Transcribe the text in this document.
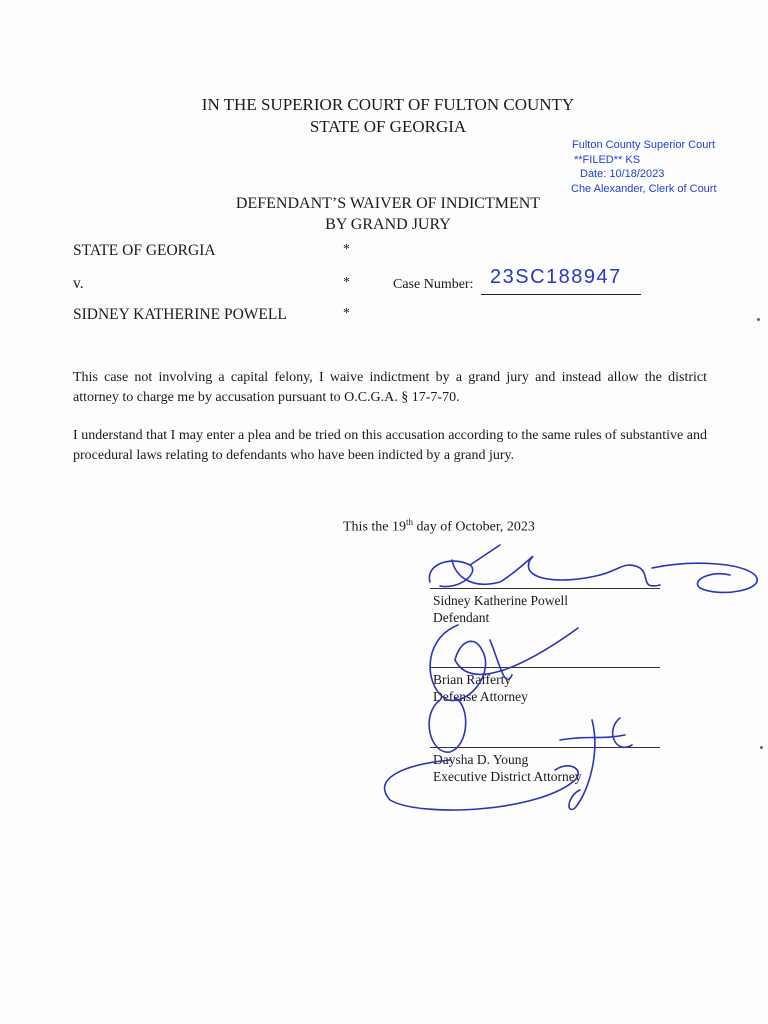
IN THE SUPERIOR COURT OF FULTON COUNTY
STATE OF GEORGIA
Fulton County Superior Court
**FILED** KS
Date: 10/18/2023
Che Alexander, Clerk of Court
DEFENDANT’S WAIVER OF INDICTMENT
BY GRAND JURY
STATE OF GEORGIA	*
v.	*
SIDNEY KATHERINE POWELL	*
Case Number: 23SC188947
This case not involving a capital felony, I waive indictment by a grand jury and instead allow the district attorney to charge me by accusation pursuant to O.C.G.A. § 17-7-70.
I understand that I may enter a plea and be tried on this accusation according to the same rules of substantive and procedural laws relating to defendants who have been indicted by a grand jury.
This the 19th day of October, 2023
Sidney Katherine Powell
Defendant
Brian Rafferty
Defense Attorney
Daysha D. Young
Executive District Attorney
